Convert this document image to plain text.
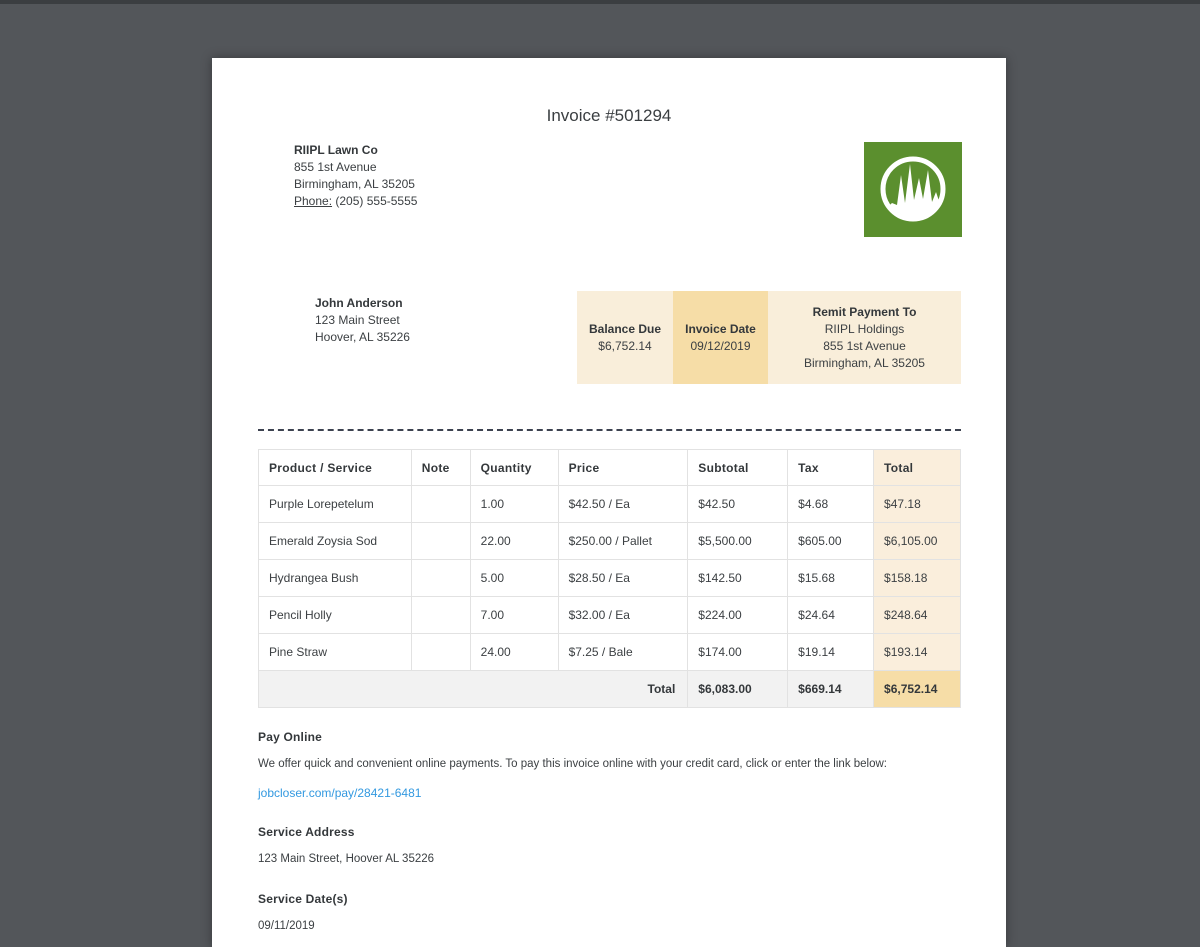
Invoice #501294
RIIPL Lawn Co
855 1st Avenue
Birmingham, AL 35205
Phone: (205) 555-5555
John Anderson
123 Main Street
Hoover, AL 35226
Balance Due
$6,752.14
Invoice Date
09/12/2019
Remit Payment To
RIIPL Holdings
855 1st Avenue
Birmingham, AL 35205
Product / Service	Note	Quantity	Price	Subtotal	Tax	Total
Purple Lorepetelum		1.00	$42.50 / Ea	$42.50	$4.68	$47.18
Emerald Zoysia Sod		22.00	$250.00 / Pallet	$5,500.00	$605.00	$6,105.00
Hydrangea Bush		5.00	$28.50 / Ea	$142.50	$15.68	$158.18
Pencil Holly		7.00	$32.00 / Ea	$224.00	$24.64	$248.64
Pine Straw		24.00	$7.25 / Bale	$174.00	$19.14	$193.14
Total				$6,083.00	$669.14	$6,752.14
Pay Online
We offer quick and convenient online payments. To pay this invoice online with your credit card, click or enter the link below:
jobcloser.com/pay/28421-6481
Service Address
123 Main Street, Hoover AL 35226
Service Date(s)
09/11/2019
